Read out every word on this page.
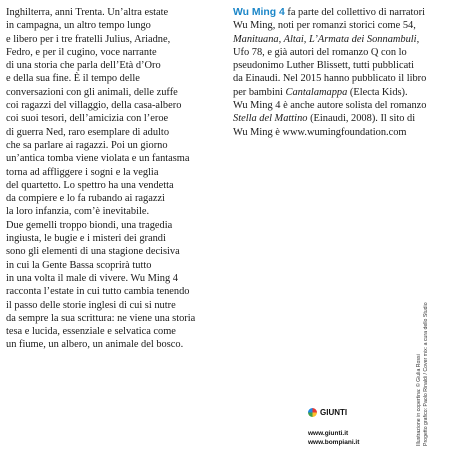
Inghilterra, anni Trenta. Un’altra estate
in campagna, un altro tempo lungo
e libero per i tre fratelli Julius, Ariadne,
Fedro, e per il cugino, voce narrante
di una storia che parla dell’Età d’Oro
e della sua fine. È il tempo delle
conversazioni con gli animali, delle zuffe
coi ragazzi del villaggio, della casa-albero
coi suoi tesori, dell’amicizia con l’eroe
di guerra Ned, raro esemplare di adulto
che sa parlare ai ragazzi. Poi un giorno
un’antica tomba viene violata e un fantasma
torna ad affliggere i sogni e la veglia
del quartetto. Lo spettro ha una vendetta
da compiere e lo fa rubando ai ragazzi
la loro infanzia, com’è inevitabile.
Due gemelli troppo biondi, una tragedia
ingiusta, le bugie e i misteri dei grandi
sono gli elementi di una stagione decisiva
in cui la Gente Bassa scoprirà tutto
in una volta il male di vivere. Wu Ming 4
racconta l’estate in cui tutto cambia tenendo
il passo delle storie inglesi di cui si nutre
da sempre la sua scrittura: ne viene una storia
tesa e lucida, essenziale e selvatica come
un fiume, un albero, un animale del bosco.
Wu Ming 4 fa parte del collettivo di narratori
Wu Ming, noti per romanzi storici come 54,
Manituana, Altai, L’Armata dei Sonnambuli,
Ufo 78, e già autori del romanzo Q con lo
pseudonimo Luther Blissett, tutti pubblicati
da Einaudi. Nel 2015 hanno pubblicato il libro
per bambini Cantalamappa (Electa Kids).
Wu Ming 4 è anche autore solista del romanzo
Stella del Mattino (Einaudi, 2008). Il sito di
Wu Ming è www.wumingfoundation.com
Illustrazione in copertina: © Giulia Rossi Progetto grafico: Paolo Rinaldi / Cover mix: a cura dello Studio
GIUNTI
www.giunti.it
www.bompiani.it
